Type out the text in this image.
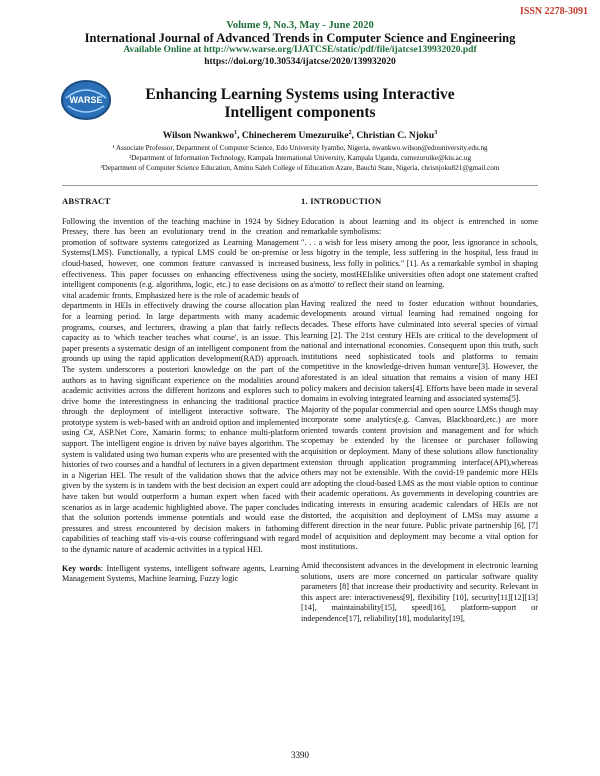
ISSN 2278-3091
Volume 9, No.3, May - June 2020
International Journal of Advanced Trends in Computer Science and Engineering
Available Online at http://www.warse.org/IJATCSE/static/pdf/file/ijatcse139932020.pdf
https://doi.org/10.30534/ijatcse/2020/139932020
WARSE	Enhancing Learning Systems using Interactive
Intelligent components
Wilson Nwankwo$^1$, Chinecherem Umezuruike$^2$, Christian C. Njoku$^3$
¹ Associate Professor, Department of Computer Science, Edo University Iyamho, Nigeria, nwankwo.wilson@edouniversity.edu.ng
²Department of Information Technology, Kampala International University, Kampala Uganda, cumezuruike@kiu.ac.ug
³Department of Computer Science Education, Aminu Saleh College of Education Azare, Bauchi State, Nigeria, chrisnjoku821@gmail.com
ABSTRACT

Following the invention of the teaching machine in 1924 by Sidney Pressey, there has been an evolutionary trend in the creation and promotion of software systems categorized as Learning Management Systems(LMS). Functionally, a typical LMS could be on-premise or cloud-based, however, one common feature canvassed is increased effectiveness. This paper focusses on enhancing effectiveness using intelligent components (e.g. algorithms, logic, etc.) to ease decisions on vital academic fronts. Emphasized here is the role of academic heads of departments in HEIs in effectively drawing the course allocation plan for a learning period. In large departments with many academic programs, courses, and lecturers, drawing a plan that fairly reflects capacity as to 'which teacher teaches what course', is an issue. This paper presents a systematic design of an intelligent component from the grounds up using the rapid application development(RAD) approach. The system underscores a posteriori knowledge on the part of the authors as to having significant experience on the modalities around academic activities across the different horizons and explores such to drive home the interestingness in enhancing the traditional practice through the deployment of intelligent interactive software. The prototype system is web-based with an android option and implemented using C#, ASP.Net Core, Xamarin forms; to enhance multi-platform support. The intelligent engine is driven by naïve bayes algorithm. The system is validated using two human experts who are presented with the histories of two courses and a handful of lecturers in a given department in a Nigerian HEI. The result of the validation shows that the advice given by the system is in tandem with the best decision an expert could have taken but would outperform a human expert when faced with scenarios as in large academic highlighted above. The paper concludes that the solution portends immense potentials and would ease the pressures and stress encountered by decision makers in fathoming capabilities of teaching staff vis-a-vis course cofferingsand with regard to the dynamic nature of academic activities in a typical HEI.

Key words: Intelligent systems, intelligent software agents, Learning Management Systems, Machine learning, Fuzzy logic

1. INTRODUCTION

Education is about learning and its object is entrenched in some remarkable symbolisms:

". . . a wish for less misery among the poor, less ignorance in schools, less bigotry in the temple, less suffering in the hospital, less fraud in business, less folly in politics." [1]. As a remarkable symbol in shaping the society, mostHEIslike universities often adopt one statement crafted as a'motto' to reflect their stand on learning.

Having realized the need to foster education without boundaries, developments around virtual learning had remained ongoing for decades. These efforts have culminated into several species of virtual learning [2]. The 21st century HEIs are critical to the development of national and international economies. Consequent upon this truth, such institutions need sophisticated tools and platforms to remain competitive in the knowledge-driven human venture[3]. However, the aforestated is an ideal situation that remains a vision of many HEI policy makers and decision takers[4]. Efforts have been made in several domains in evolving integrated learning and associated systems[5].

Majority of the popular commercial and open source LMSs though may incorporate some analytics(e.g. Canvas, Blackboard,etc.) are more oriented towards content provision and management and for which scopemay be extended by the licensee or purchaser following acquisition or deployment. Many of these solutions allow functionality extension through application programming interface(API),whereas others may not be extensible. With the covid-19 pandemic more HEIs are adopting the cloud-based LMS as the most viable option to continue their academic operations. As governments in developing countries are indicating interests in ensuring academic calendars of HEIs are not distorted, the acquisition and deployment of LMSs may assume a different direction in the near future. Public private partnership [6], [7] model of acquisition and deployment may become a vital option for most institutions.

Amid theconsistent advances in the development in electronic learning solutions, users are more concerned on particular software quality parameters [8] that increase their productivity and security. Relevant in this aspect are: interactiveness[9], flexibility [10], security[11][12][13][14], maintainability[15], speed[16], platform-support or independence[17], reliability[18], modularity[19],

3390
